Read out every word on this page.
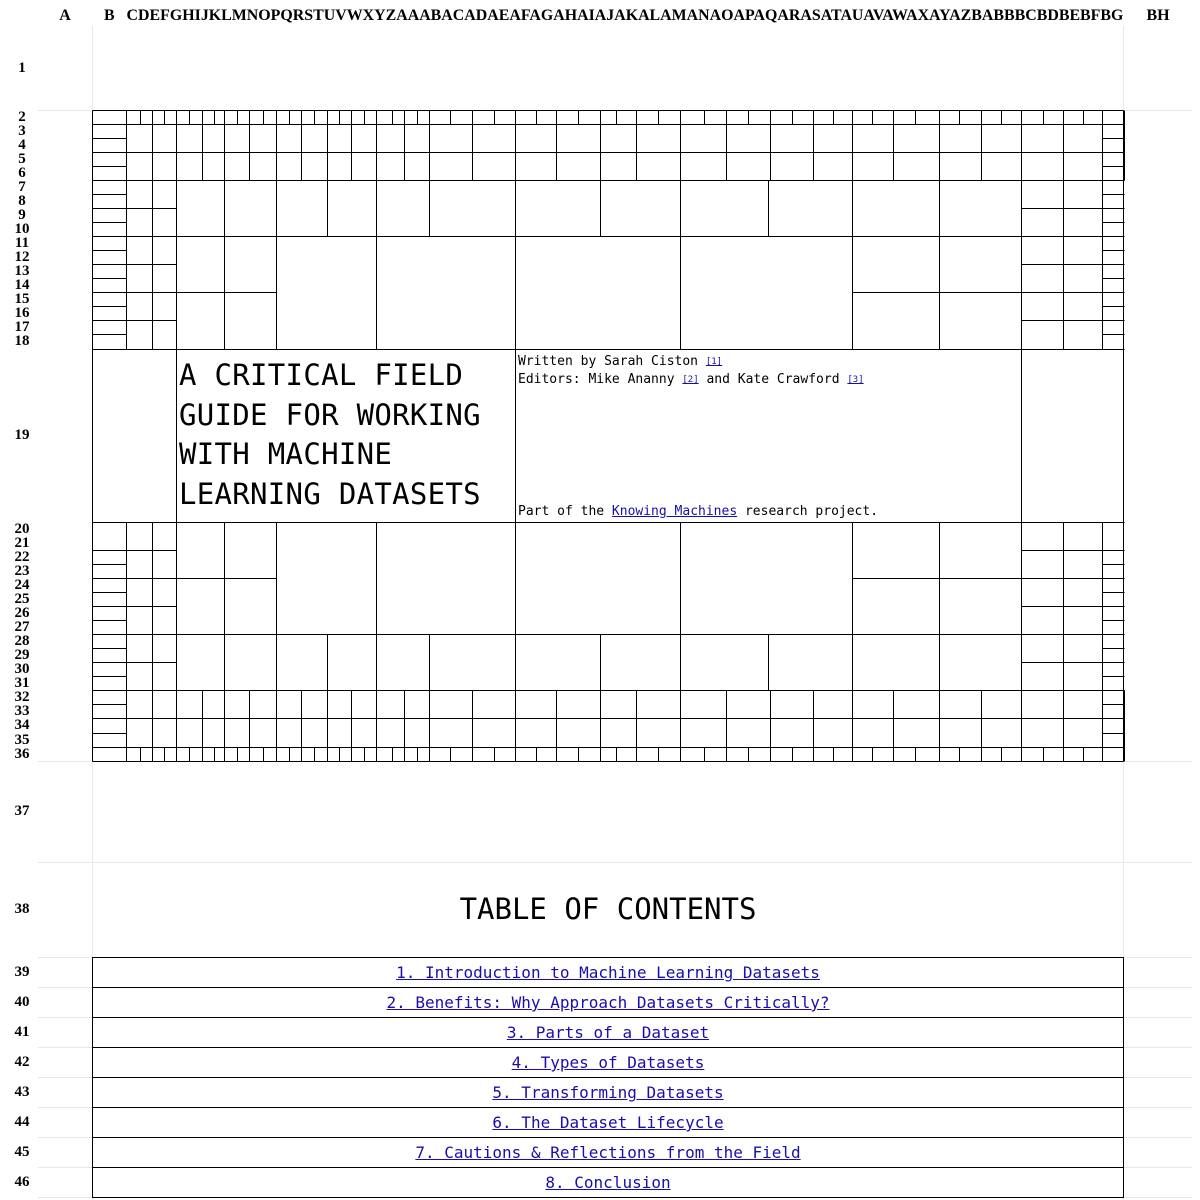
A B CDEFGHIJKLMNOPQRSTUVWXYZAAABACADAEAFAGAHAIAJAKALAMANAOAPAQARASATAUAVAWAXAYAZBABBBCBDBEBFBG BH
1
2
3
4
5
6
7
8
9
10
11
12
13
14
15
16
17
18
19
20
21
22
23
24
25
26
27
28
29
30
31
32
33
34
35
36
37
38
39
40
41
42
43
44
45
46
A CRITICAL FIELD GUIDE FOR WORKING WITH MACHINE LEARNING DATASETS
Written by Sarah Ciston [1]
Editors: Mike Ananny [2] and Kate Crawford [3]
Part of the Knowing Machines research project.
TABLE OF CONTENTS
1. Introduction to Machine Learning Datasets
2. Benefits: Why Approach Datasets Critically?
3. Parts of a Dataset
4. Types of Datasets
5. Transforming Datasets
6. The Dataset Lifecycle
7. Cautions & Reflections from the Field
8. Conclusion
